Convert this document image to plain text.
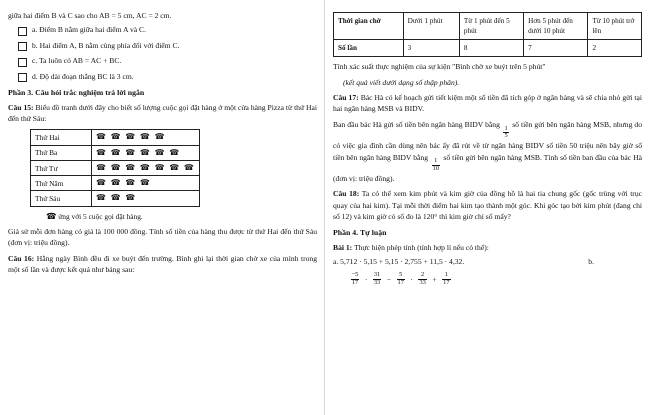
giữa hai điểm B và C sao cho AB = 5 cm, AC = 2 cm.

a. Điểm B nằm giữa hai điểm A và C.
b. Hai điểm A, B nằm cùng phía đối với điểm C.
c. Ta luôn có AB = AC + BC.
d. Độ dài đoạn thẳng BC là 3 cm.

Phần 3. Câu hỏi trắc nghiệm trả lời ngắn

Câu 15: Biểu đồ tranh dưới đây cho biết số lượng cuộc gọi đặt hàng ở một cửa hàng Pizza từ thứ Hai đến thứ Sáu:

Thứ Hai	☎ ☎ ☎ ☎ ☎
Thứ Ba	☎ ☎ ☎ ☎ ☎ ☎
Thứ Tư	☎ ☎ ☎ ☎ ☎ ☎ ☎
Thứ Năm	☎ ☎ ☎ ☎
Thứ Sáu	☎ ☎ ☎
☎ ứng với 5 cuộc gọi đặt hàng.

Giả sử mỗi đơn hàng có giá là 100 000 đồng. Tính số tiền của hàng thu được từ thứ Hai đến thứ Sáu (đơn vị: triệu đồng).

Câu 16: Hằng ngày Bình đều đi xe buýt đến trường. Bình ghi lại thời gian chờ xe của mình trong một số lần và được kết quả như bảng sau:

Thời gian chờ	Dưới 1 phút	Từ 1 phút đến 5 phút	Hơn 5 phút đến dưới 10 phút	Từ 10 phút trở lên
Số lần	3	8	7	2

Tính xác suất thực nghiệm của sự kiện "Bình chờ xe buýt trên 5 phút"

(kết quả viết dưới dạng số thập phân).

Câu 17: Bác Hà có kế hoạch gửi tiết kiệm một số tiền đã tích góp ở ngân hàng và sẽ chia nhỏ gửi tại hai ngân hàng MSB và BIDV.

Ban đầu bác Hà gửi số tiền bên ngân hàng BIDV bằng
$\frac{1}{5}$
số tiền gửi bên ngân hàng MSB, nhưng do có việc gia đình cần dùng nên bác ấy đã rút về từ ngân hàng BIDV số tiền 50 triệu nên bây giờ số tiền bên ngân hàng BIDV bằng
$\frac{1}{10}$
số tiền gửi bên ngân hàng MSB. Tính số tiền ban đầu của bác Hà (đơn vị: triệu đồng).

Câu 18: Ta có thể xem kim phút và kim giờ của đồng hồ là hai tia chung gốc (gốc trùng với trục quay của hai kim). Tại mỗi thời điểm hai kim tạo thành một góc. Khi góc tạo bởi kim phút (đang chỉ số 12) và kim giờ có số đo là 120° thì kim giờ chỉ số mấy?

Phần 4. Tự luận

Bài 1: Thực hiện phép tính (tính hợp lí nếu có thể):

a. 5,712 · 5,15 + 5,15 · 2,755 + 11,5 · 4,32.	b.
$\frac{-5}{17} \cdot \frac{31}{33} - \frac{5}{17} \cdot \frac{2}{33} + \frac{1}{17}$
